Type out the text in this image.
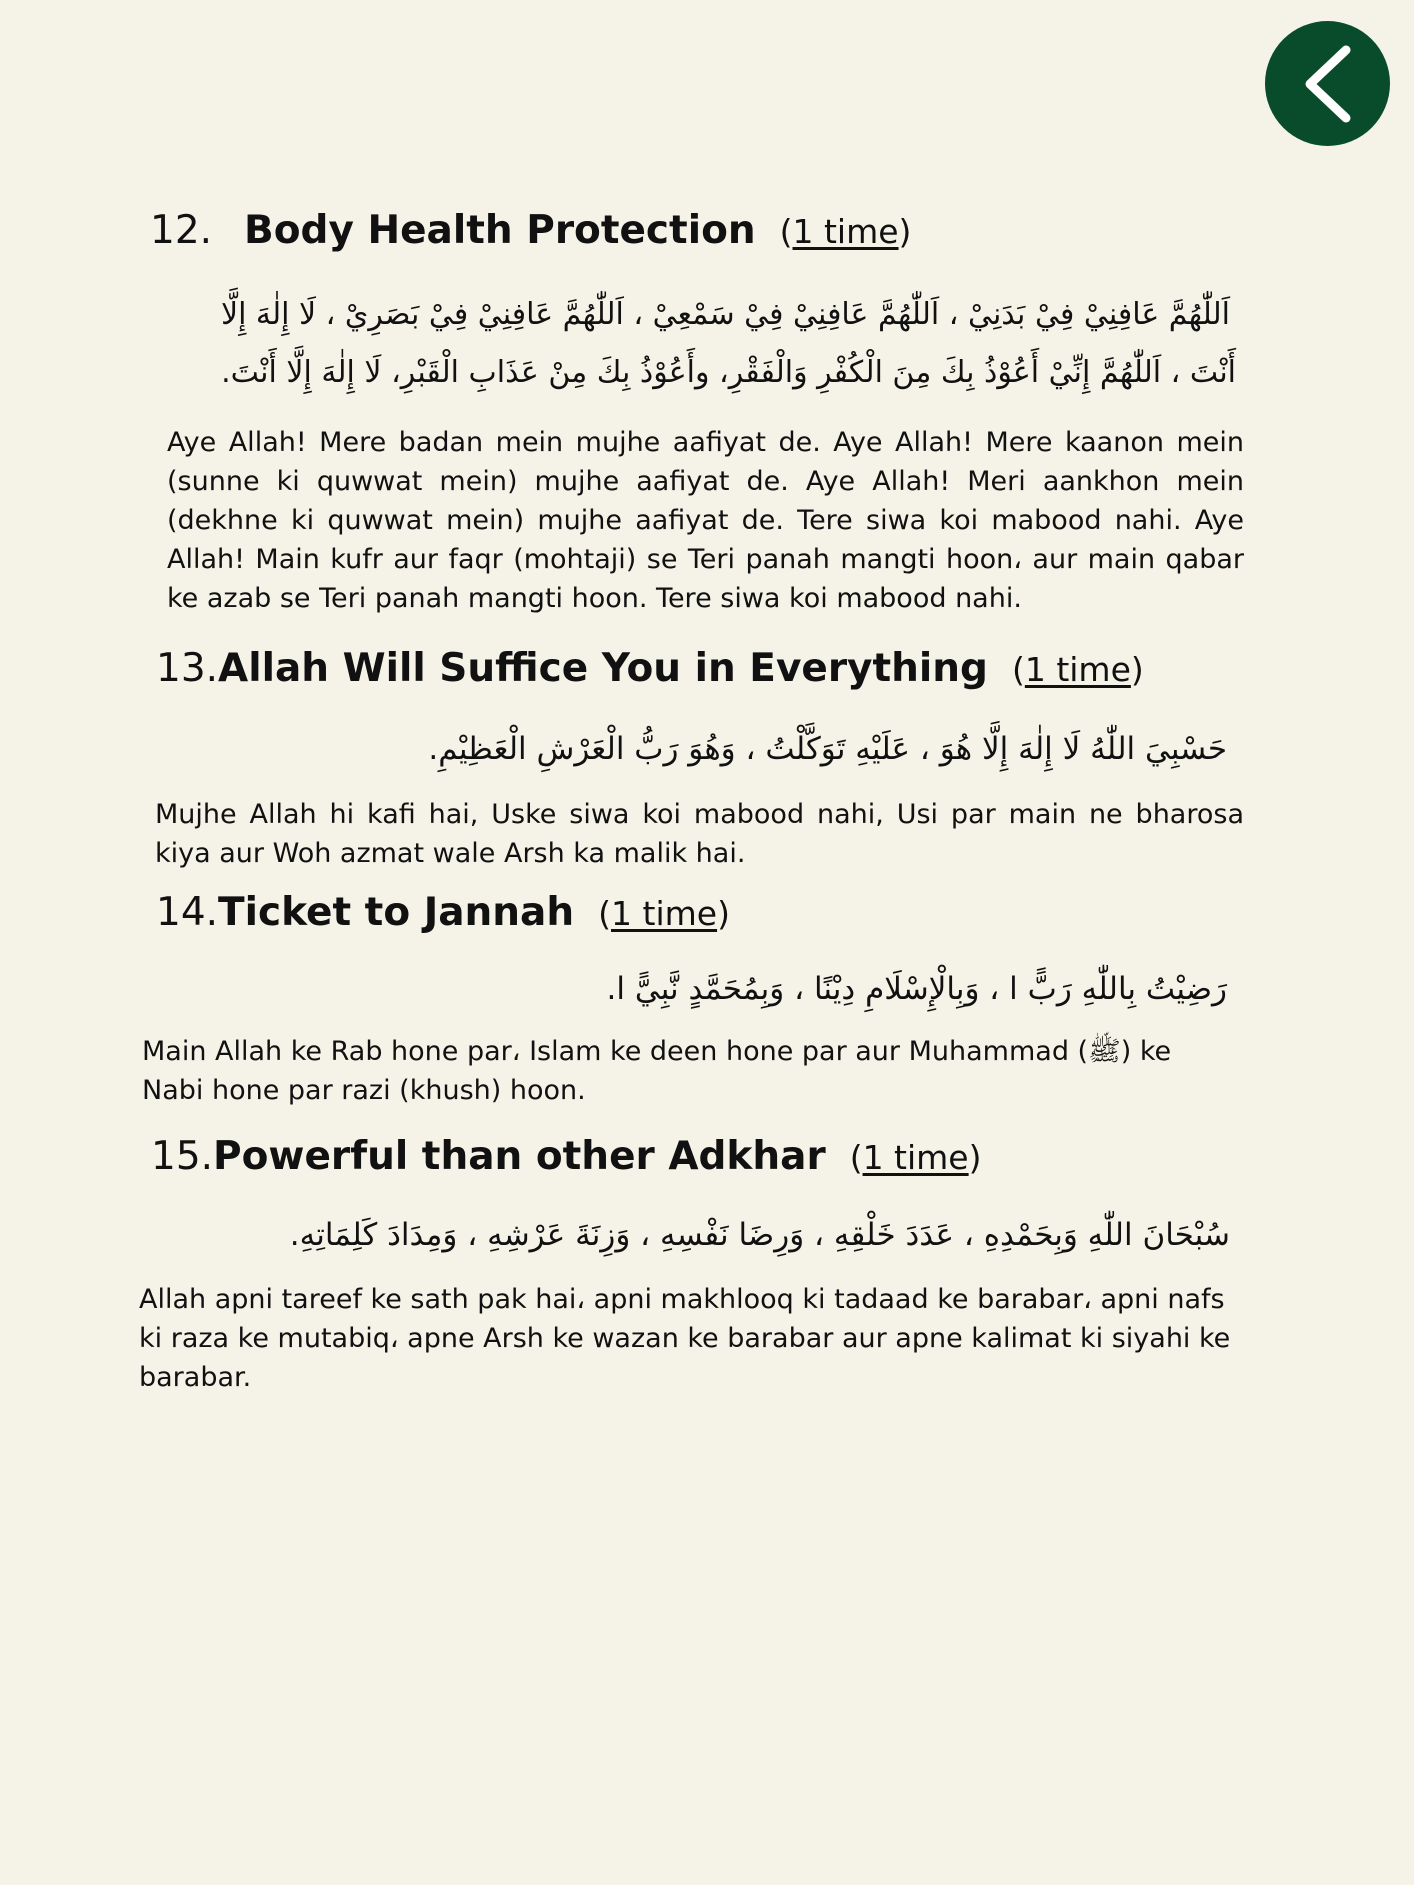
12. Body Health Protection (1 time)
اَللّٰهُمَّ عَافِنِيْ فِيْ بَدَنِيْ ، اَللّٰهُمَّ عَافِنِيْ فِيْ سَمْعِيْ ، اَللّٰهُمَّ عَافِنِيْ فِيْ بَصَرِيْ ، لَا إِلٰهَ إِلَّا
أَنْتَ ، اَللّٰهُمَّ إِنِّيْ أَعُوْذُ بِكَ مِنَ الْكُفْرِ وَالْفَقْرِ، وأَعُوْذُ بِكَ مِنْ عَذَابِ الْقَبْرِ، لَا إِلٰهَ إِلَّا أَنْتَ.
Aye Allah! Mere badan mein mujhe aafiyat de. Aye Allah! Mere kaanon mein (sunne ki quwwat mein) mujhe aafiyat de. Aye Allah! Meri aankhon mein (dekhne ki quwwat mein) mujhe aafiyat de. Tere siwa koi mabood nahi. Aye Allah! Main kufr aur faqr (mohtaji) se Teri panah mangti hoon، aur main qabar ke azab se Teri panah mangti hoon. Tere siwa koi mabood nahi.
13. Allah Will Suffice You in Everything (1 time)
حَسْبِيَ اللّٰهُ لَا إِلٰهَ إِلَّا هُوَ ، عَلَيْهِ تَوَكَّلْتُ ، وَهُوَ رَبُّ الْعَرْشِ الْعَظِيْمِ.
Mujhe Allah hi kafi hai, Uske siwa koi mabood nahi, Usi par main ne bharosa kiya aur Woh azmat wale Arsh ka malik hai.
14. Ticket to Jannah (1 time)
رَضِيْتُ بِاللّٰهِ رَبًّ ا ، وَبِالْإِسْلَامِ دِيْنًا ، وَبِمُحَمَّدٍ نَّبِيًّ ا.
Main Allah ke Rab hone par، Islam ke deen hone par aur Muhammad (ﷺ) ke Nabi hone par razi (khush) hoon.
15. Powerful than other Adkhar (1 time)
سُبْحَانَ اللّٰهِ وَبِحَمْدِهِ ، عَدَدَ خَلْقِهِ ، وَرِضَا نَفْسِهِ ، وَزِنَةَ عَرْشِهِ ، وَمِدَادَ كَلِمَاتِهِ.
Allah apni tareef ke sath pak hai، apni makhlooq ki tadaad ke barabar، apni nafs ki raza ke mutabiq، apne Arsh ke wazan ke barabar aur apne kalimat ki siyahi ke barabar.
